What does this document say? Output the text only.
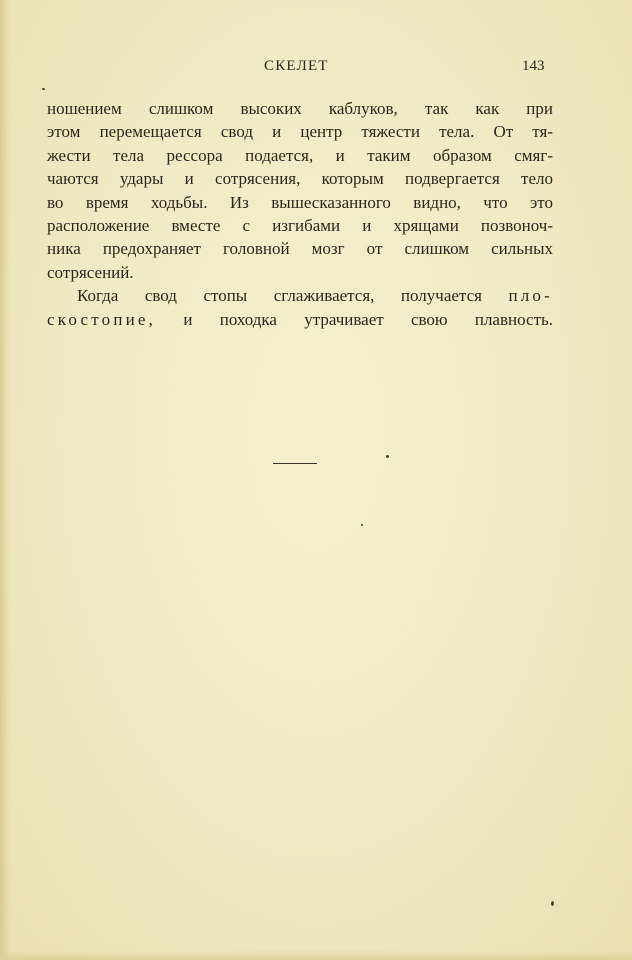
СКЕЛЕТ	143
ношением слишком высоких каблуков, так как при
этом перемещается свод и центр тяжести тела. От тя-
жести тела рессора подается, и таким образом смяг-
чаются удары и сотрясения, которым подвергается тело
во время ходьбы. Из вышесказанного видно, что это
расположение вместе с изгибами и хрящами позвоноч-
ника предохраняет головной мозг от слишком сильных
сотрясений.
Когда свод стопы сглаживается, получается пло-
скостопие, и походка утрачивает свою плавность.
